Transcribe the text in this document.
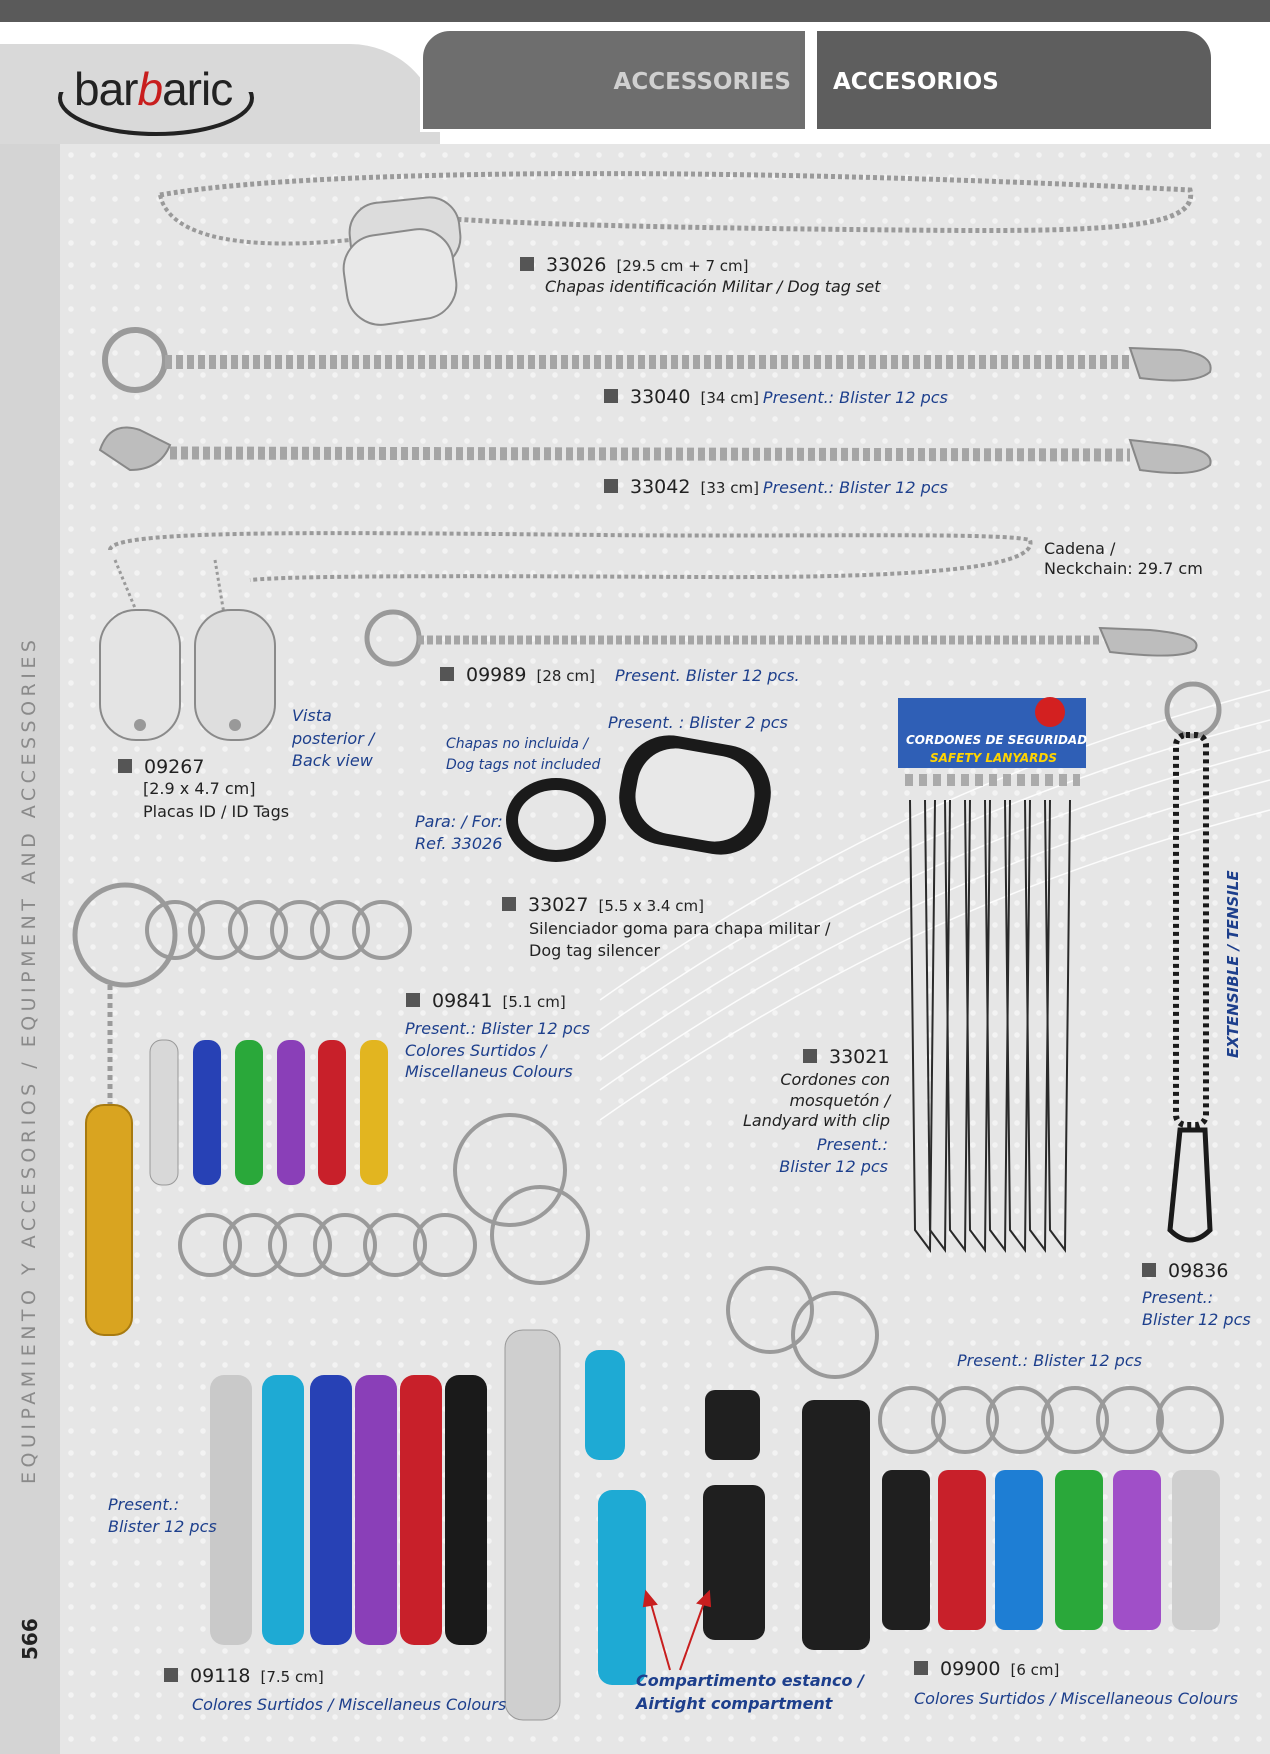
barbaric	ACCESSORIES ACCESORIOS
EQUIPAMIENTO Y ACCESORIOS / EQUIPMENT AND ACCESSORIES
566
CORDONES DE SEGURIDAD
SAFETY LANYARDS
33026 [29.5 cm + 7 cm]
Chapas identificación Militar / Dog tag set
33040 [34 cm] Present.: Blister 12 pcs
33042 [33 cm] Present.: Blister 12 pcs
Cadena /
Neckchain: 29.7 cm
09989 [28 cm] Present. Blister 12 pcs.
Vista
posterior /
Back view
09267
[2.9 x 4.7 cm]
Placas ID / ID Tags
Present. : Blister 2 pcs
Chapas no incluida /
Dog tags not included
Para: / For:
Ref. 33026
33027 [5.5 x 3.4 cm]
Silenciador goma para chapa militar /
Dog tag silencer
09841 [5.1 cm]
Present.: Blister 12 pcs
Colores Surtidos /
Miscellaneus Colours
33021
Cordones con
mosquetón /
Landyard with clip
Present.:
Blister 12 pcs
EXTENSIBLE / TENSILE
09836
Present.:
Blister 12 pcs
Present.: Blister 12 pcs
Present.:
Blister 12 pcs
09118 [7.5 cm]
Colores Surtidos / Miscellaneus Colours
Compartimento estanco /
Airtight compartment
09900 [6 cm]
Colores Surtidos / Miscellaneous Colours
